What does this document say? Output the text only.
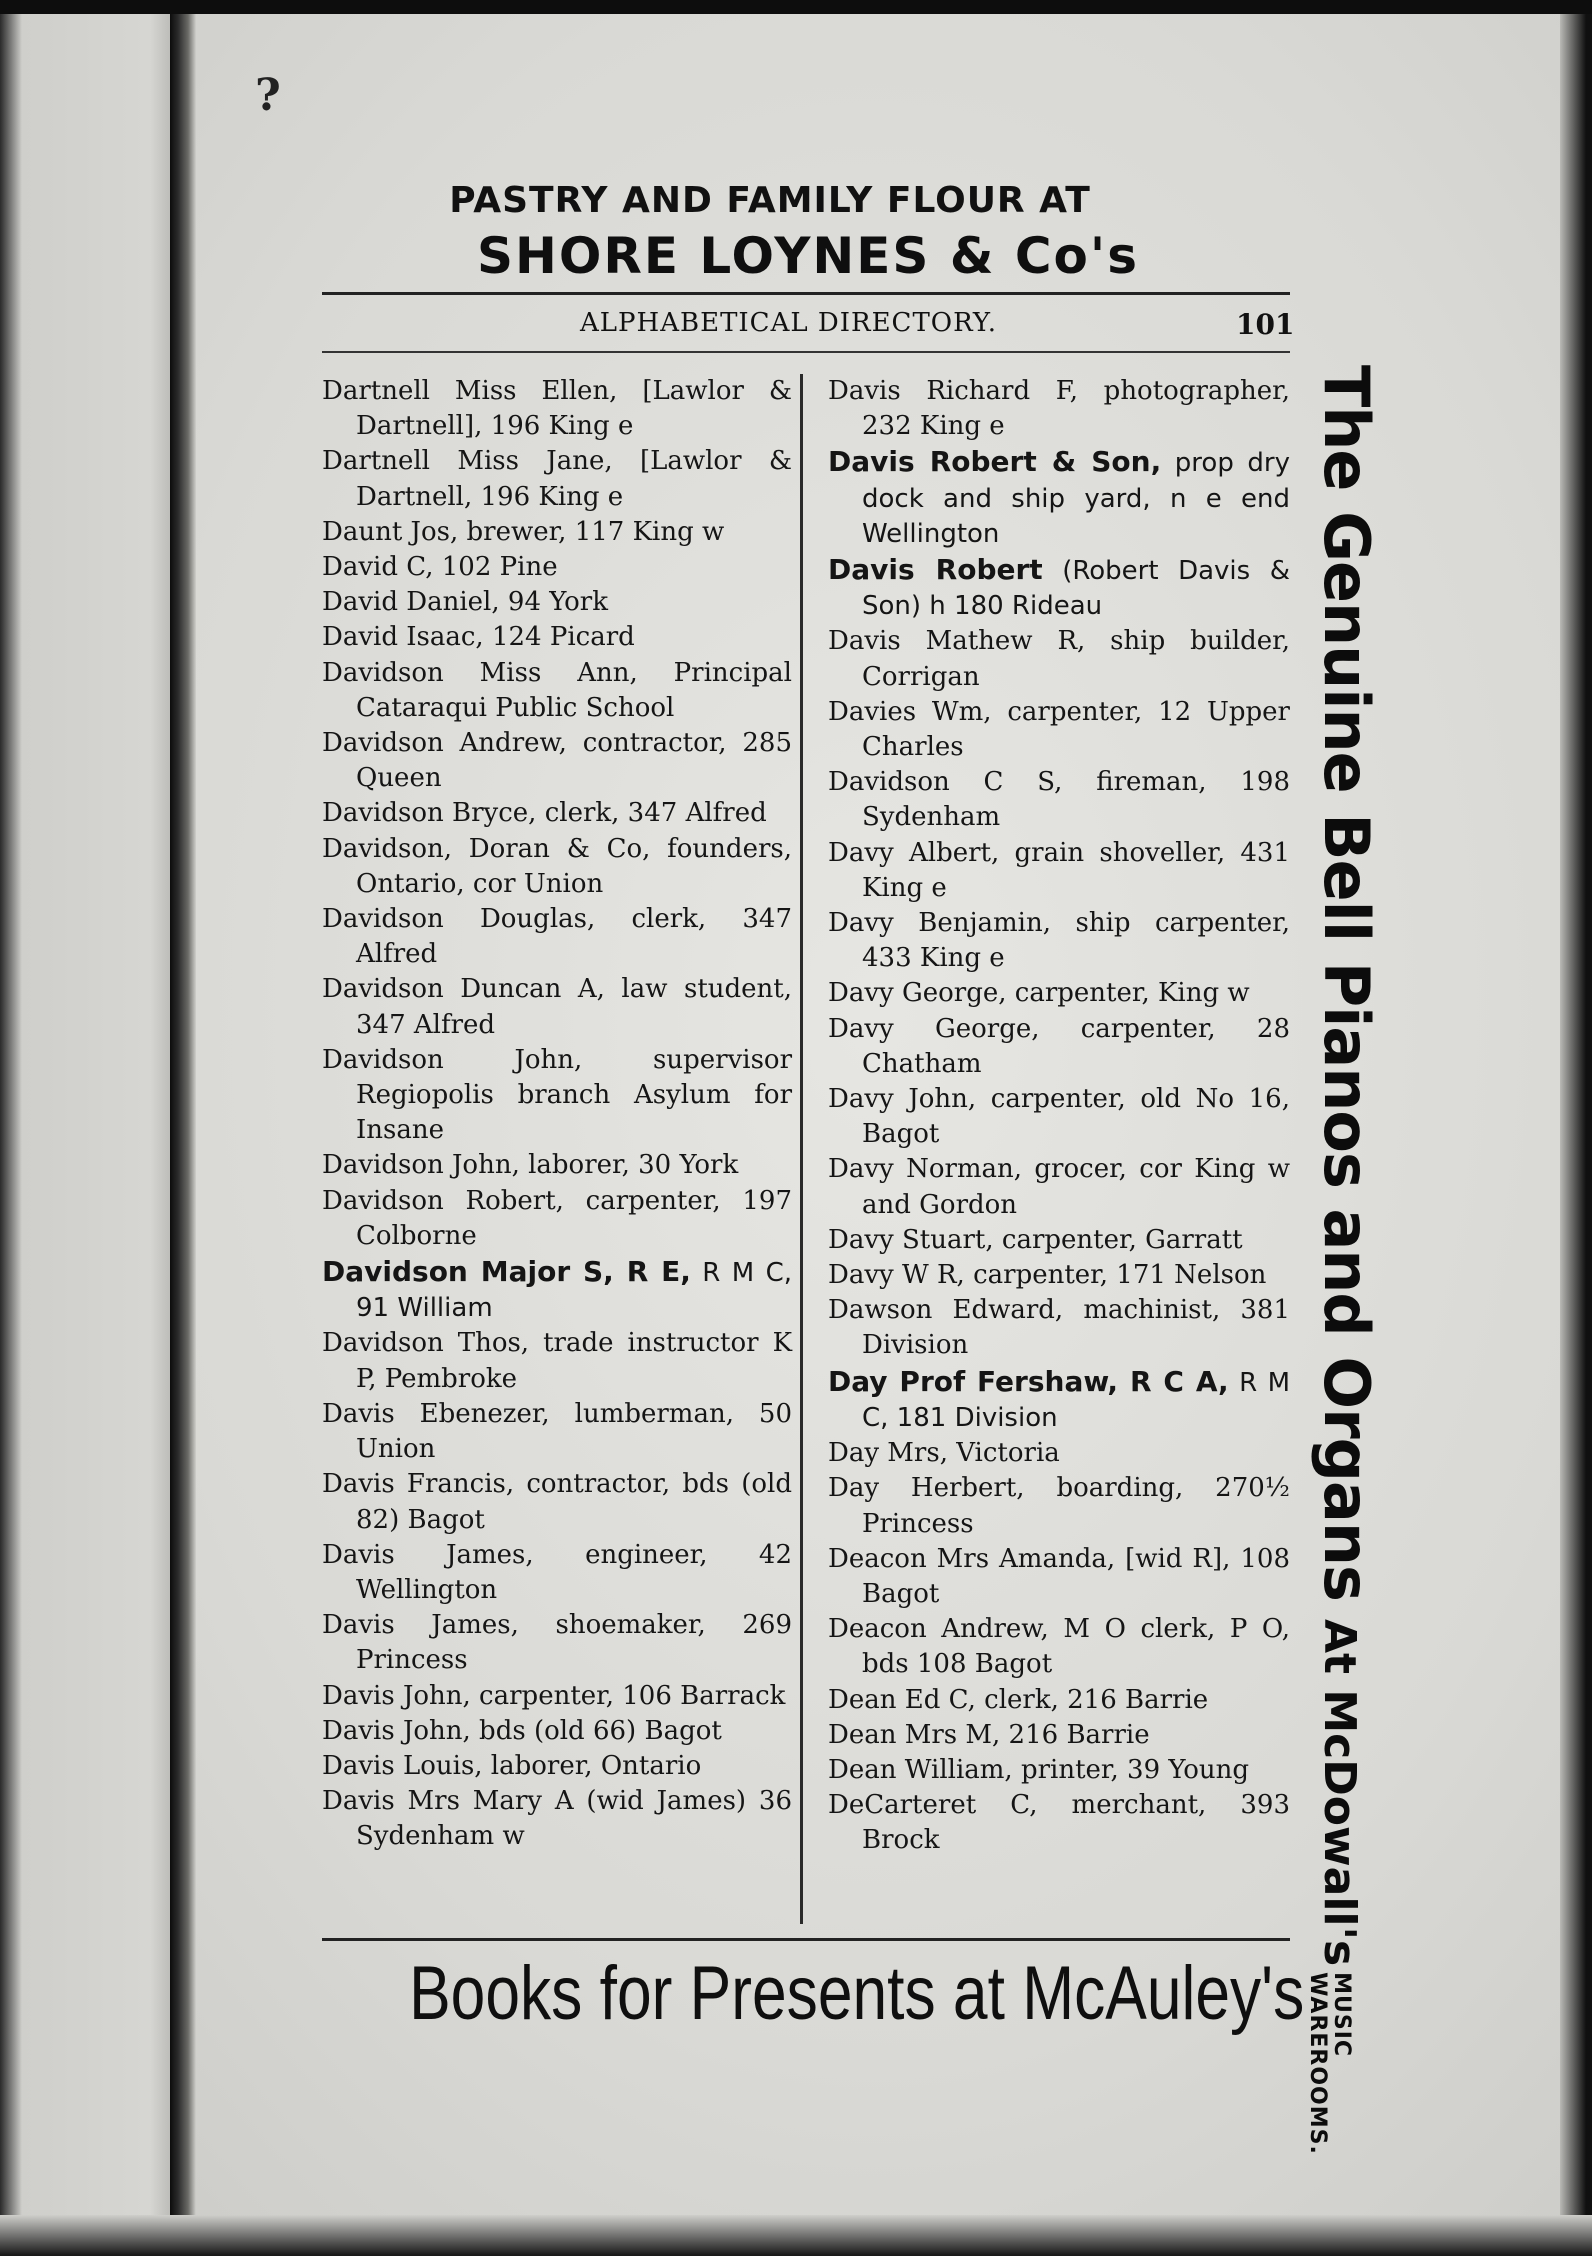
?
PASTRY AND FAMILY FLOUR AT
SHORE LOYNES & Co's
ALPHABETICAL DIRECTORY.	101
Dartnell Miss Ellen, [Lawlor & Dartnell], 196 King e
Dartnell Miss Jane, [Lawlor & Dartnell, 196 King e
Daunt Jos, brewer, 117 King w
David C, 102 Pine
David Daniel, 94 York
David Isaac, 124 Picard
Davidson Miss Ann, Principal Cataraqui Public School
Davidson Andrew, contractor, 285 Queen
Davidson Bryce, clerk, 347 Alfred
Davidson, Doran & Co, founders, Ontario, cor Union
Davidson Douglas, clerk, 347 Alfred
Davidson Duncan A, law student, 347 Alfred
Davidson John, supervisor Regiopolis branch Asylum for Insane
Davidson John, laborer, 30 York
Davidson Robert, carpenter, 197 Colborne
Davidson Major S, R E, R M C, 91 William
Davidson Thos, trade instructor K P, Pembroke
Davis Ebenezer, lumberman, 50 Union
Davis Francis, contractor, bds (old 82) Bagot
Davis James, engineer, 42 Wellington
Davis James, shoemaker, 269 Princess
Davis John, carpenter, 106 Barrack
Davis John, bds (old 66) Bagot
Davis Louis, laborer, Ontario
Davis Mrs Mary A (wid James) 36 Sydenham w
Davis Richard F, photographer, 232 King e
Davis Robert & Son, prop dry dock and ship yard, n e end Wellington
Davis Robert (Robert Davis & Son) h 180 Rideau
Davis Mathew R, ship builder, Corrigan
Davies Wm, carpenter, 12 Upper Charles
Davidson C S, fireman, 198 Sydenham
Davy Albert, grain shoveller, 431 King e
Davy Benjamin, ship carpenter, 433 King e
Davy George, carpenter, King w
Davy George, carpenter, 28 Chatham
Davy John, carpenter, old No 16, Bagot
Davy Norman, grocer, cor King w and Gordon
Davy Stuart, carpenter, Garratt
Davy W R, carpenter, 171 Nelson
Dawson Edward, machinist, 381 Division
Day Prof Fershaw, R C A, R M C, 181 Division
Day Mrs, Victoria
Day Herbert, boarding, 270½ Princess
Deacon Mrs Amanda, [wid R], 108 Bagot
Deacon Andrew, M O clerk, P O, bds 108 Bagot
Dean Ed C, clerk, 216 Barrie
Dean Mrs M, 216 Barrie
Dean William, printer, 39 Young
DeCarteret C, merchant, 393 Brock
The Genuine Bell Pianos and OrgansAt McDowall's
MUSIC
WAREROOMS.
Books for Presents at McAuley's
